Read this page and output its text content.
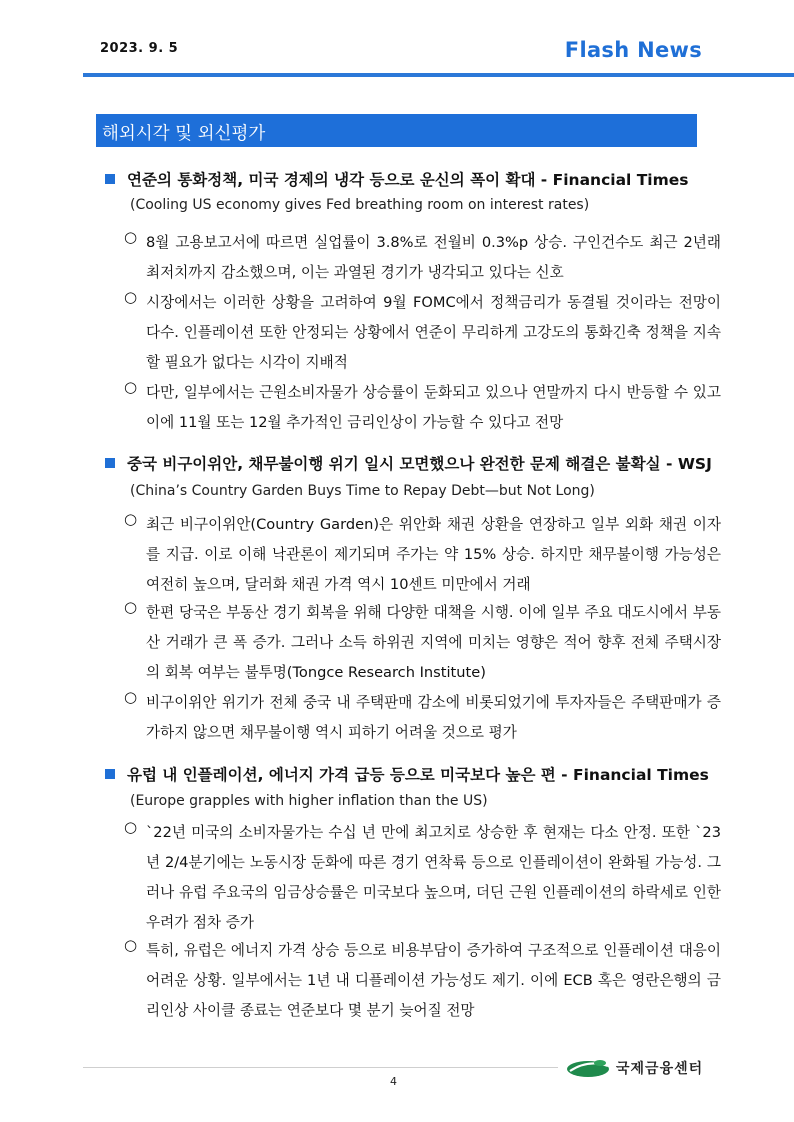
2023. 9. 5	Flash News
해외시각 및 외신평가
연준의 통화정책, 미국 경제의 냉각 등으로 운신의 폭이 확대 - Financial Times
(Cooling US economy gives Fed breathing room on interest rates)
○ 8월 고용보고서에 따르면 실업률이 3.8%로 전월비 0.3%p 상승. 구인건수도 최근 2년래 최저치까지 감소했으며, 이는 과열된 경기가 냉각되고 있다는 신호
○ 시장에서는 이러한 상황을 고려하여 9월 FOMC에서 정책금리가 동결될 것이라는 전망이 다수. 인플레이션 또한 안정되는 상황에서 연준이 무리하게 고강도의 통화긴축 정책을 지속할 필요가 없다는 시각이 지배적
○ 다만, 일부에서는 근원소비자물가 상승률이 둔화되고 있으나 연말까지 다시 반등할 수 있고 이에 11월 또는 12월 추가적인 금리인상이 가능할 수 있다고 전망
중국 비구이위안, 채무불이행 위기 일시 모면했으나 완전한 문제 해결은 불확실 - WSJ
(China’s Country Garden Buys Time to Repay Debt—but Not Long)
○ 최근 비구이위안(Country Garden)은 위안화 채권 상환을 연장하고 일부 외화 채권 이자를 지급. 이로 이해 낙관론이 제기되며 주가는 약 15% 상승. 하지만 채무불이행 가능성은 여전히 높으며, 달러화 채권 가격 역시 10센트 미만에서 거래
○ 한편 당국은 부동산 경기 회복을 위해 다양한 대책을 시행. 이에 일부 주요 대도시에서 부동산 거래가 큰 폭 증가. 그러나 소득 하위권 지역에 미치는 영향은 적어 향후 전체 주택시장의 회복 여부는 불투명(Tongce Research Institute)
○ 비구이위안 위기가 전체 중국 내 주택판매 감소에 비롯되었기에 투자자들은 주택판매가 증가하지 않으면 채무불이행 역시 피하기 어려울 것으로 평가
유럽 내 인플레이션, 에너지 가격 급등 등으로 미국보다 높은 편 - Financial Times
(Europe grapples with higher inflation than the US)
○ `22년 미국의 소비자물가는 수십 년 만에 최고치로 상승한 후 현재는 다소 안정. 또한 `23년 2/4분기에는 노동시장 둔화에 따른 경기 연착륙 등으로 인플레이션이 완화될 가능성. 그러나 유럽 주요국의 임금상승률은 미국보다 높으며, 더딘 근원 인플레이션의 하락세로 인한 우려가 점차 증가
○ 특히, 유럽은 에너지 가격 상승 등으로 비용부담이 증가하여 구조적으로 인플레이션 대응이 어려운 상황. 일부에서는 1년 내 디플레이션 가능성도 제기. 이에 ECB 혹은 영란은행의 금리인상 사이클 종료는 연준보다 몇 분기 늦어질 전망
4
국제금융센터
